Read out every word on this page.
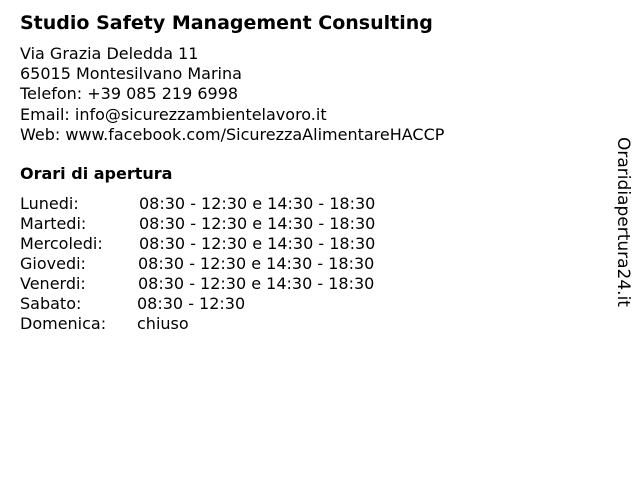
Studio Safety Management Consulting
Via Grazia Deledda 11
65015 Montesilvano Marina
Telefon: +39 085 219 6998
Email: info@sicurezzambientelavoro.it
Web: www.facebook.com/SicurezzaAlimentareHACCP
Orari di apertura
Lunedi:	08:30 - 12:30 e 14:30 - 18:30
Martedi:	08:30 - 12:30 e 14:30 - 18:30
Mercoledi: 08:30 - 12:30 e 14:30 - 18:30
Giovedi:	08:30 - 12:30 e 14:30 - 18:30
Venerdi:	08:30 - 12:30 e 14:30 - 18:30
Sabato:	08:30 - 12:30
Domenica: chiuso
Oraridiapertura24.it
